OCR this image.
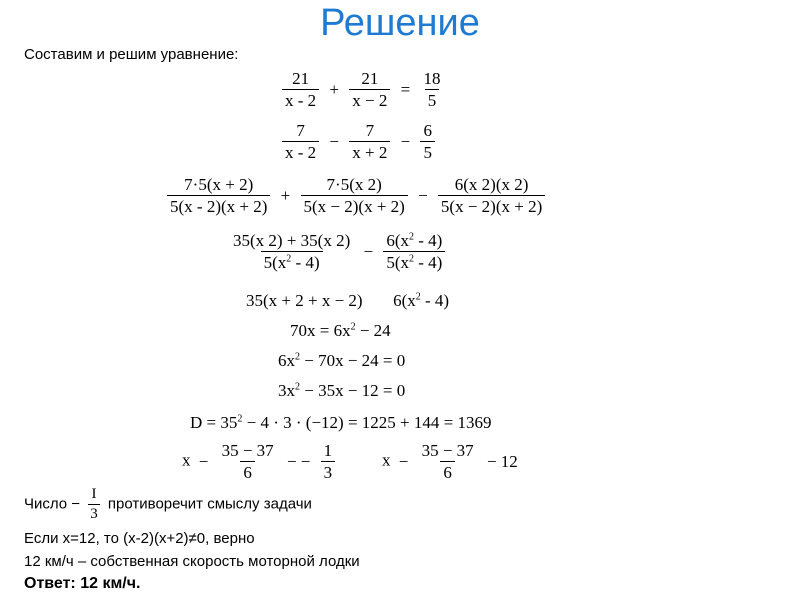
Решение
Составим и решим уравнение:
$\frac{21}{x - 2} + \frac{21}{x - 2} = \frac{18}{5}$
$\frac{7}{x - 2} - \frac{7}{x + 2} - \frac{6}{5}$
$\frac{7\cdot 5(x + 2)}{5(x - 2)(x + 2)} + \frac{7\cdot 5(x 2)}{5(x - 2)(x + 2)} - \frac{6(x 2)(x 2)}{5(x - 2)(x + 2)}$
$\frac{35(x 2) + 35(x 2)}{5(x^2 - 4)} - \frac{6(x^2 - 4)}{5(x^2 - 4)}$
35(x + 2 + x − 2) $6(x^2 - 4)$
$70x = 6x^2 - 24$
$6x^2 - 70x - 24 = 0$
$3x^2 - 35x - 12 = 0$
$D = 35^2 - 4 \cdot 3 \cdot (-12) = 1225 + 144 = 1369$
$x - \frac{35 - 37}{6}$ − − $\frac{1}{3}$	$x - \frac{35 - 37}{6} - 12$
Число − $\frac{I}{3}$ противоречит смыслу задачи
Если x=12, то (x-2)(x+2)≠0, верно
12 км/ч – собственная скорость моторной лодки
Ответ: 12 км/ч.
